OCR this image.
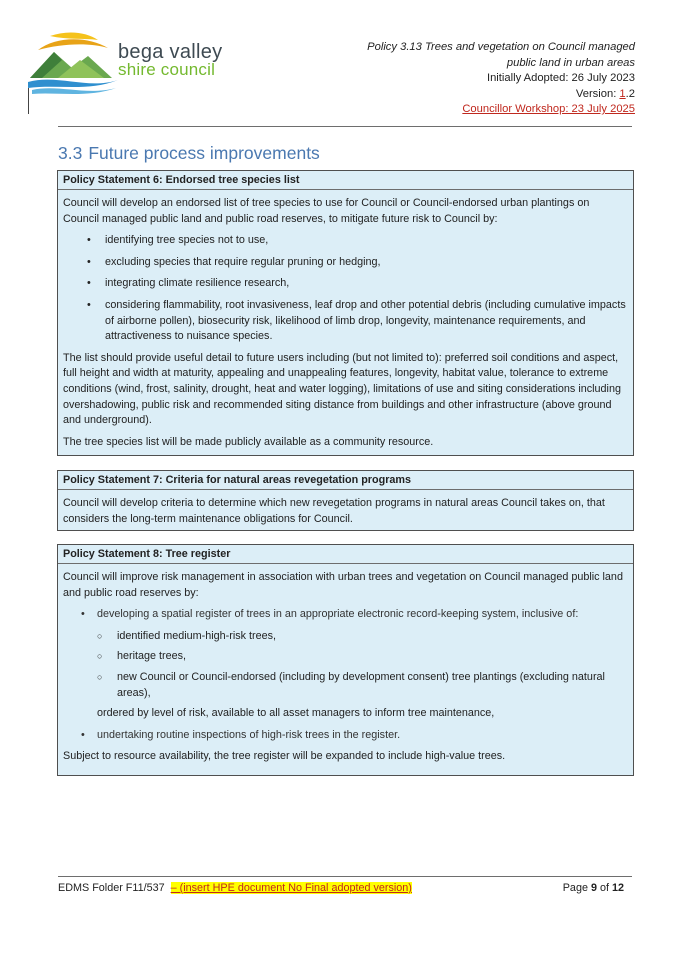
bega valley
shire council
Policy 3.13 Trees and vegetation on Council managed
public land in urban areas
Initially Adopted: 26 July 2023
Version: 1.2
Councillor Workshop: 23 July 2025
3.3 Future process improvements
Policy Statement 6: Endorsed tree species list

Council will develop an endorsed list of tree species to use for Council or Council-endorsed urban plantings on Council managed public land and public road reserves, to mitigate future risk to Council by:

• identifying tree species not to use,
• excluding species that require regular pruning or hedging,
• integrating climate resilience research,
• considering flammability, root invasiveness, leaf drop and other potential debris (including cumulative impacts of airborne pollen), biosecurity risk, likelihood of limb drop, longevity, maintenance requirements, and attractiveness to nuisance species.

The list should provide useful detail to future users including (but not limited to): preferred soil conditions and aspect, full height and width at maturity, appealing and unappealing features, longevity, habitat value, tolerance to extreme conditions (wind, frost, salinity, drought, heat and water logging), limitations of use and siting considerations including overshadowing, public risk and recommended siting distance from buildings and other infrastructure (above ground and underground).

The tree species list will be made publicly available as a community resource.

Policy Statement 7: Criteria for natural areas revegetation programs

Council will develop criteria to determine which new revegetation programs in natural areas Council takes on, that considers the long-term maintenance obligations for Council.

Policy Statement 8: Tree register

Council will improve risk management in association with urban trees and vegetation on Council managed public land and public road reserves by:

• developing a spatial register of trees in an appropriate electronic record-keeping system, inclusive of:
○ identified medium-high-risk trees,
○ heritage trees,
○ new Council or Council-endorsed (including by development consent) tree plantings (excluding natural areas),
ordered by level of risk, available to all asset managers to inform tree maintenance,
• undertaking routine inspections of high-risk trees in the register.

Subject to resource availability, the tree register will be expanded to include high-value trees.

EDMS Folder F11/537 – (insert HPE document No Final adopted version)	Page 9 of 12
